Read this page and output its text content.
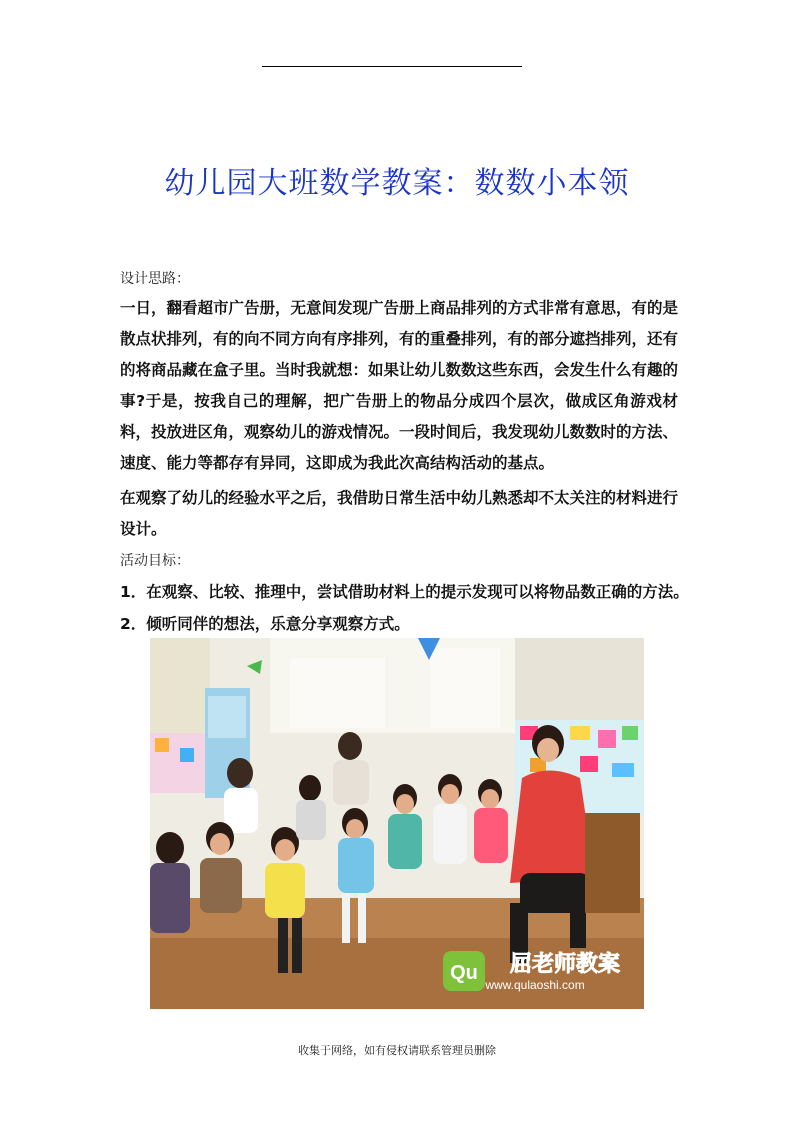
幼儿园大班数学教案：数数小本领
设计思路：
一日，翻看超市广告册，无意间发现广告册上商品排列的方式非常有意思，有的是散点状排列，有的向不同方向有序排列，有的重叠排列，有的部分遮挡排列，还有的将商品藏在盒子里。当时我就想：如果让幼儿数数这些东西，会发生什么有趣的事?于是，按我自己的理解，把广告册上的物品分成四个层次，做成区角游戏材料，投放进区角，观察幼儿的游戏情况。一段时间后，我发现幼儿数数时的方法、速度、能力等都存有异同，这即成为我此次高结构活动的基点。
在观察了幼儿的经验水平之后，我借助日常生活中幼儿熟悉却不太关注的材料进行设计。
活动目标：
1．在观察、比较、推理中，尝试借助材料上的提示发现可以将物品数正确的方法。
2．倾听同伴的想法，乐意分享观察方式。
Qu 屈老师教案
www.qulaoshi.com
收集于网络，如有侵权请联系管理员删除
